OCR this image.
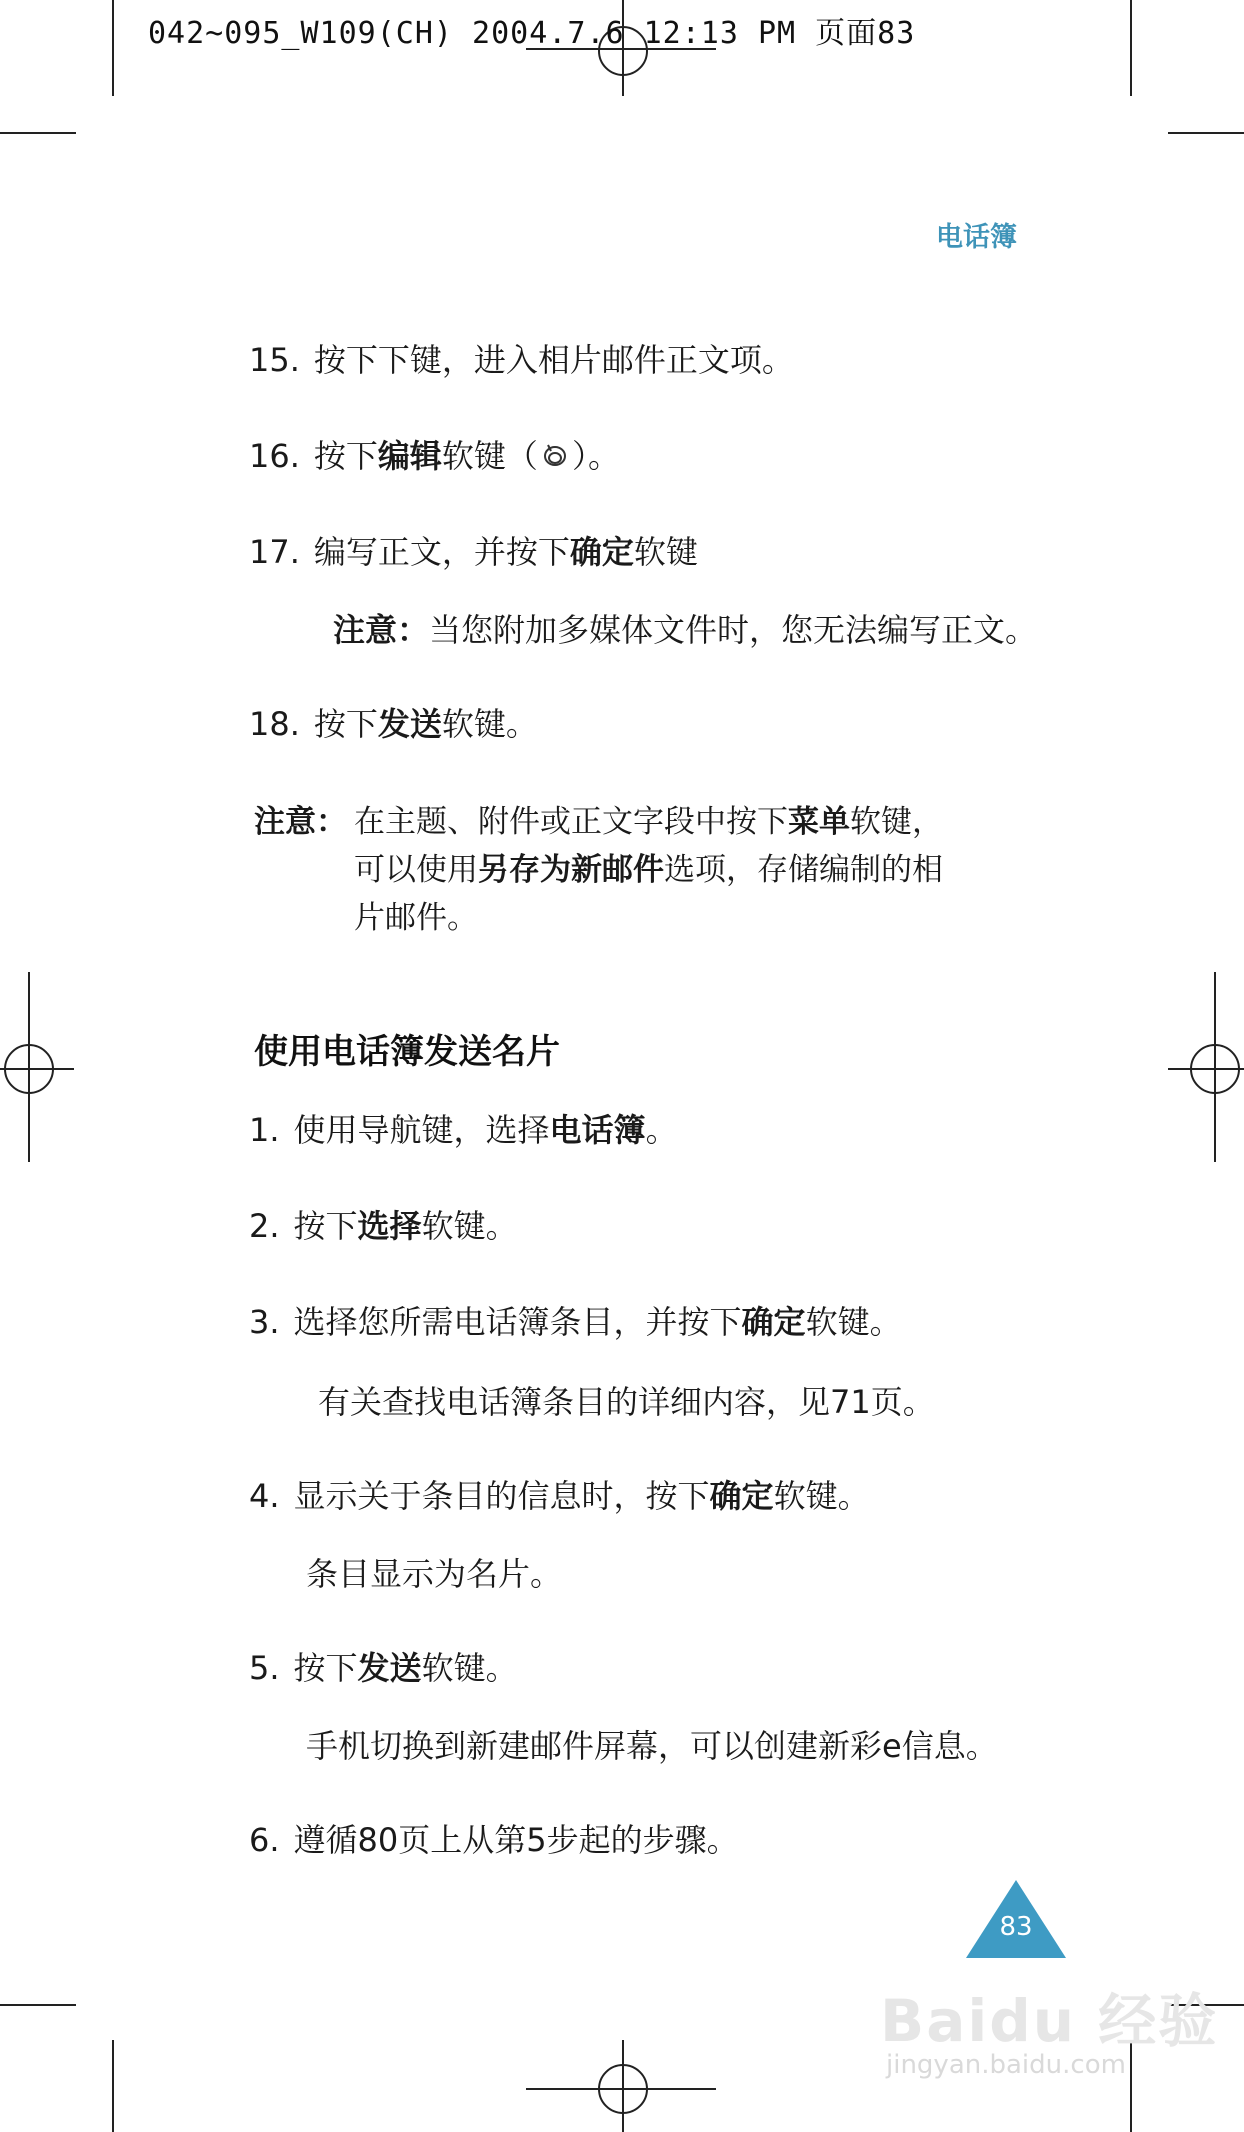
042~095_W109(CH) 2004.7.6 12:13 PM 页面83
电话簿
15. 按下下键，进入相片邮件正文项。
16. 按下编辑软键（ ）。
17. 编写正文，并按下确定软键
注意：当您附加多媒体文件时，您无法编写正文。
18. 按下发送软键。
注意： 在主题、附件或正文字段中按下菜单软键，
可以使用另存为新邮件选项，存储编制的相
片邮件。
使用电话簿发送名片
1. 使用导航键，选择电话簿。
2. 按下选择软键。
3. 选择您所需电话簿条目，并按下确定软键。
有关查找电话簿条目的详细内容，见71页。
4. 显示关于条目的信息时，按下确定软键。
条目显示为名片。
5. 按下发送软键。
手机切换到新建邮件屏幕，可以创建新彩e信息。
6. 遵循80页上从第5步起的步骤。
83
Baidu 经验
jingyan.baidu.com
